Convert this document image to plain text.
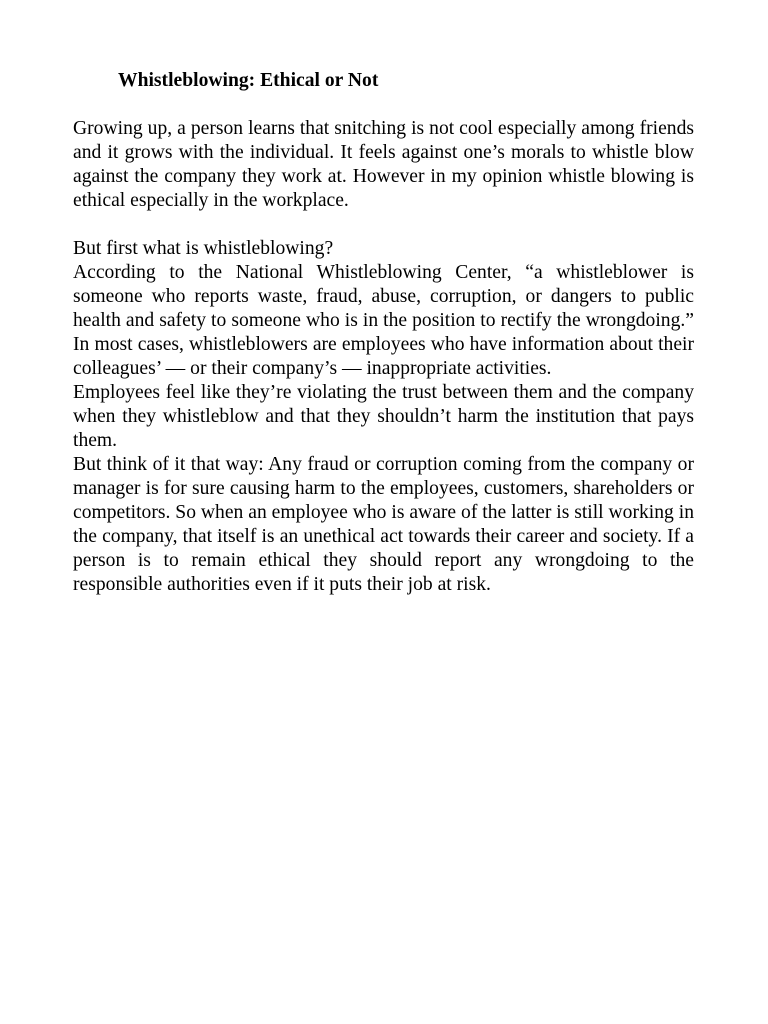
Whistleblowing: Ethical or Not

Growing up, a person learns that snitching is not cool especially among friends and it grows with the individual. It feels against one’s morals to whistle blow against the company they work at. However in my opinion whistle blowing is ethical especially in the workplace.

But first what is whistleblowing?

According to the National Whistleblowing Center, “a whistleblower is someone who reports waste, fraud, abuse, corruption, or dangers to public health and safety to someone who is in the position to rectify the wrongdoing.” In most cases, whistleblowers are employees who have information about their colleagues’ — or their company’s — inappropriate activities.

Employees feel like they’re violating the trust between them and the company when they whistleblow and that they shouldn’t harm the institution that pays them.

But think of it that way: Any fraud or corruption coming from the company or manager is for sure causing harm to the employees, customers, shareholders or competitors. So when an employee who is aware of the latter is still working in the company, that itself is an unethical act towards their career and society. If a person is to remain ethical they should report any wrongdoing to the responsible authorities even if it puts their job at risk.
